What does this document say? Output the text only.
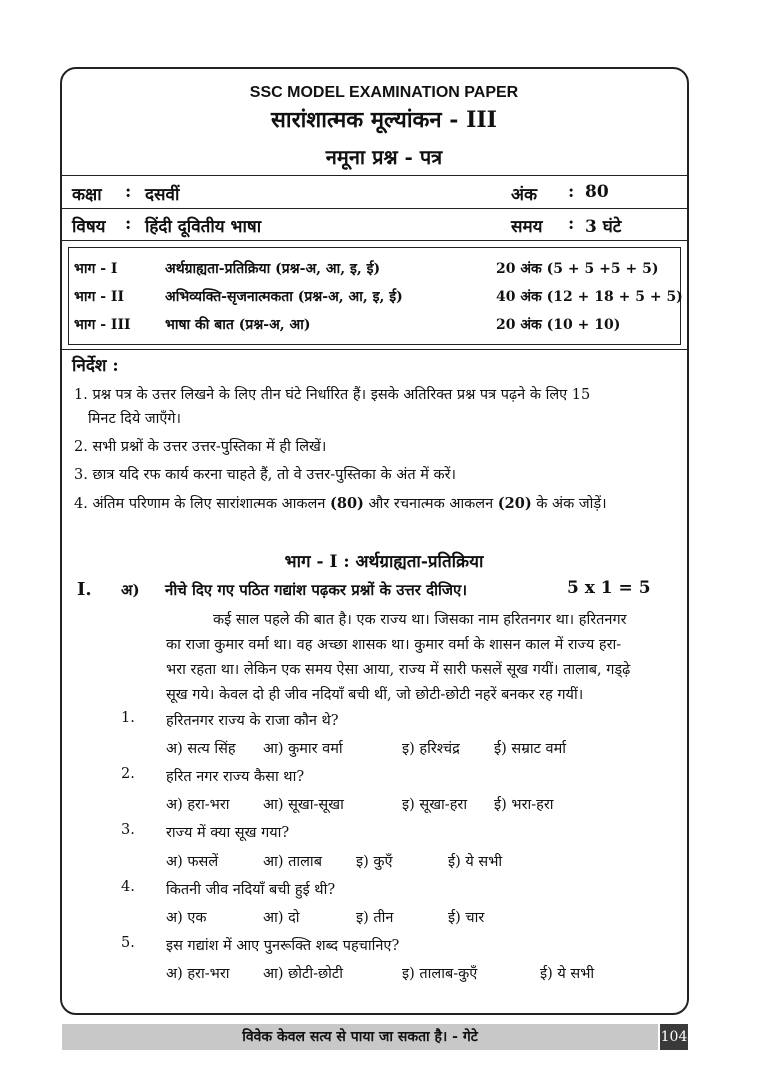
SSC MODEL EXAMINATION PAPER
सारांशात्मक मूल्यांकन - III
नमूना प्रश्न - पत्र
कक्षा : दसवीं	अंक : 80
विषय : हिंदी दूवितीय भाषा	समय : 3 घंटे
भाग - I	अर्थग्राह्यता-प्रतिक्रिया (प्रश्न-अ, आ, इ, ई)	20 अंक (5 + 5 +5 + 5)
भाग - II	अभिव्यक्ति-सृजनात्मकता (प्रश्न-अ, आ, इ, ई)	40 अंक (12 + 18 + 5 + 5)
भाग - III भाषा की बात (प्रश्न-अ, आ)	20 अंक (10 + 10)
निर्देश :
1. प्रश्न पत्र के उत्तर लिखने के लिए तीन घंटे निर्धारित हैं। इसके अतिरिक्त प्रश्न पत्र पढ़ने के लिए 15
मिनट दिये जाएँगे।
2. सभी प्रश्नों के उत्तर उत्तर-पुस्तिका में ही लिखें।
3. छात्र यदि रफ कार्य करना चाहते हैं, तो वे उत्तर-पुस्तिका के अंत में करें।
4. अंतिम परिणाम के लिए सारांशात्मक आकलन (80) और रचनात्मक आकलन (20) के अंक जोड़ें।
भाग - I : अर्थग्राह्यता-प्रतिक्रिया
I. अ) नीचे दिए गए पठित गद्यांश पढ़कर प्रश्नों के उत्तर दीजिए।	5 x 1 = 5
कई साल पहले की बात है। एक राज्य था। जिसका नाम हरितनगर था। हरितनगर
का राजा कुमार वर्मा था। वह अच्छा शासक था। कुमार वर्मा के शासन काल में राज्य हरा-
भरा रहता था। लेकिन एक समय ऐसा आया, राज्य में सारी फसलें सूख गयीं। तालाब, गड्ढ़े
सूख गये। केवल दो ही जीव नदियाँ बची थीं, जो छोटी-छोटी नहरें बनकर रह गयीं।
1. हरितनगर राज्य के राजा कौन थे?
अ) सत्य सिंह आ) कुमार वर्मा	इ) हरिश्चंद्र ई) सम्राट वर्मा
2. हरित नगर राज्य कैसा था?
अ) हरा-भरा आ) सूखा-सूखा	इ) सूखा-हरा ई) भरा-हरा
3. राज्य में क्या सूख गया?
अ) फसलें	आ) तालाब इ) कुएँ	ई) ये सभी
4. कितनी जीव नदियाँ बची हुई थी?
अ) एक	आ) दो	इ) तीन	ई) चार
5. इस गद्यांश में आए पुनरूक्ति शब्द पहचानिए?
अ) हरा-भरा आ) छोटी-छोटी	इ) तालाब-कुएँ	ई) ये सभी
विवेक केवल सत्य से पाया जा सकता है। - गेटे	104
